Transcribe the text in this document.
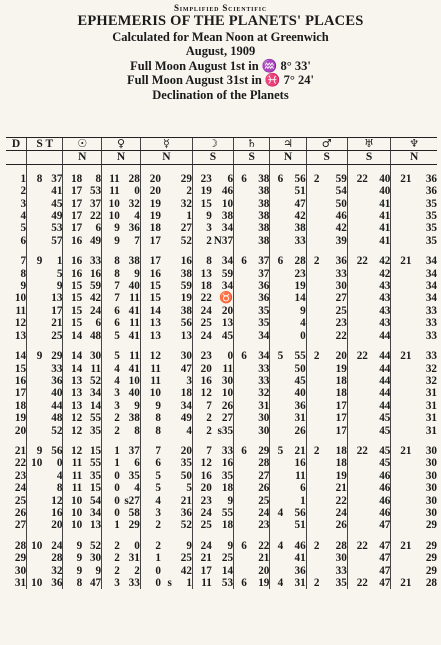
Simplified Scientific
EPHEMERIS OF THE PLANETS' PLACES
Calculated for Mean Noon at Greenwich
August, 1909
Full Moon August 1st in ♒ 8° 33'
Full Moon August 31st in ♓ 7° 24'
Declination of the Planets
D	S T		☉		♀		☿			☽		♄		♃		♂		♅		♆	
			N		N		N			S		S		N		S		S		N	
1	8	37	18	8	11	28	20		29	23	6	6	38	6	56	2	59	22	40	21	36
2		41	17	53	11	0	20		2	19	46		38		51		54		40		36
3		45	17	37	10	32	19		32	15	10		38		47		50		41		35
4		49	17	22	10	4	19		1	9	38		38		42		46		41		35
5		53	17	6	9	36	18		27	3	34		38		38		42		41		35
6		57	16	49	9	7	17		52	2	N37		38		33		39		41		35
7	9	1	16	33	8	38	17		16	8	34	6	37	6	28	2	36	22	42	21	34
8		5	16	16	8	9	16		38	13	59		37		23		33		42		34
9		9	15	59	7	40	15		59	18	34		36		19		30		43		34
10		13	15	42	7	11	15		19	22	♉		36		14		27		43		34
11		17	15	24	6	41	14		38	24	20		35		9		25		43		33
12		21	15	6	6	11	13		56	25	13		35		4		23		43		33
13		25	14	48	5	41	13		13	24	45		34		0		22		44		33
14	9	29	14	30	5	11	12		30	23	0	6	34	5	55	2	20	22	44	21	33
15		33	14	11	4	41	11		47	20	11		33		50		19		44		32
16		36	13	52	4	10	11		3	16	30		33		45		18		44		32
17		40	13	34	3	40	10		18	12	10		32		40		18		44		31
18		44	13	14	3	9	9		34	7	26		31		36		17		44		31
19		48	12	55	2	38	8		49	2	27		30		31		17		45		31
20		52	12	35	2	8	8		4	2	s35		30		26		17		45		31
21	9	56	12	15	1	37	7		20	7	33	6	29	5	21	2	18	22	45	21	30
22	10	0	11	55	1	6	6		35	12	16		28		16		18		45		30
23		4	11	35	0	35	5		50	16	35		27		11		19		46		30
24		8	11	15	0	4	5		5	20	18		26		6		21		46		30
25		12	10	54	0	s27	4		21	23	9		25		1		22		46		30
26		16	10	34	0	58	3		36	24	55		24	4	56		24		46		30
27		20	10	13	1	29	2		52	25	18		23		51		26		47		29
28	10	24	9	52	2	0	2		9	24	9	6	22	4	46	2	28	22	47	21	29
29		28	9	30	2	31	1		25	21	25		21		41		30		47		29
30		32	9	9	2	2	0		42	17	14		20		36		33		47		29
31	10	36	8	47	3	33	0	s	1	11	53	6	19	4	31	2	35	22	47	21	28
